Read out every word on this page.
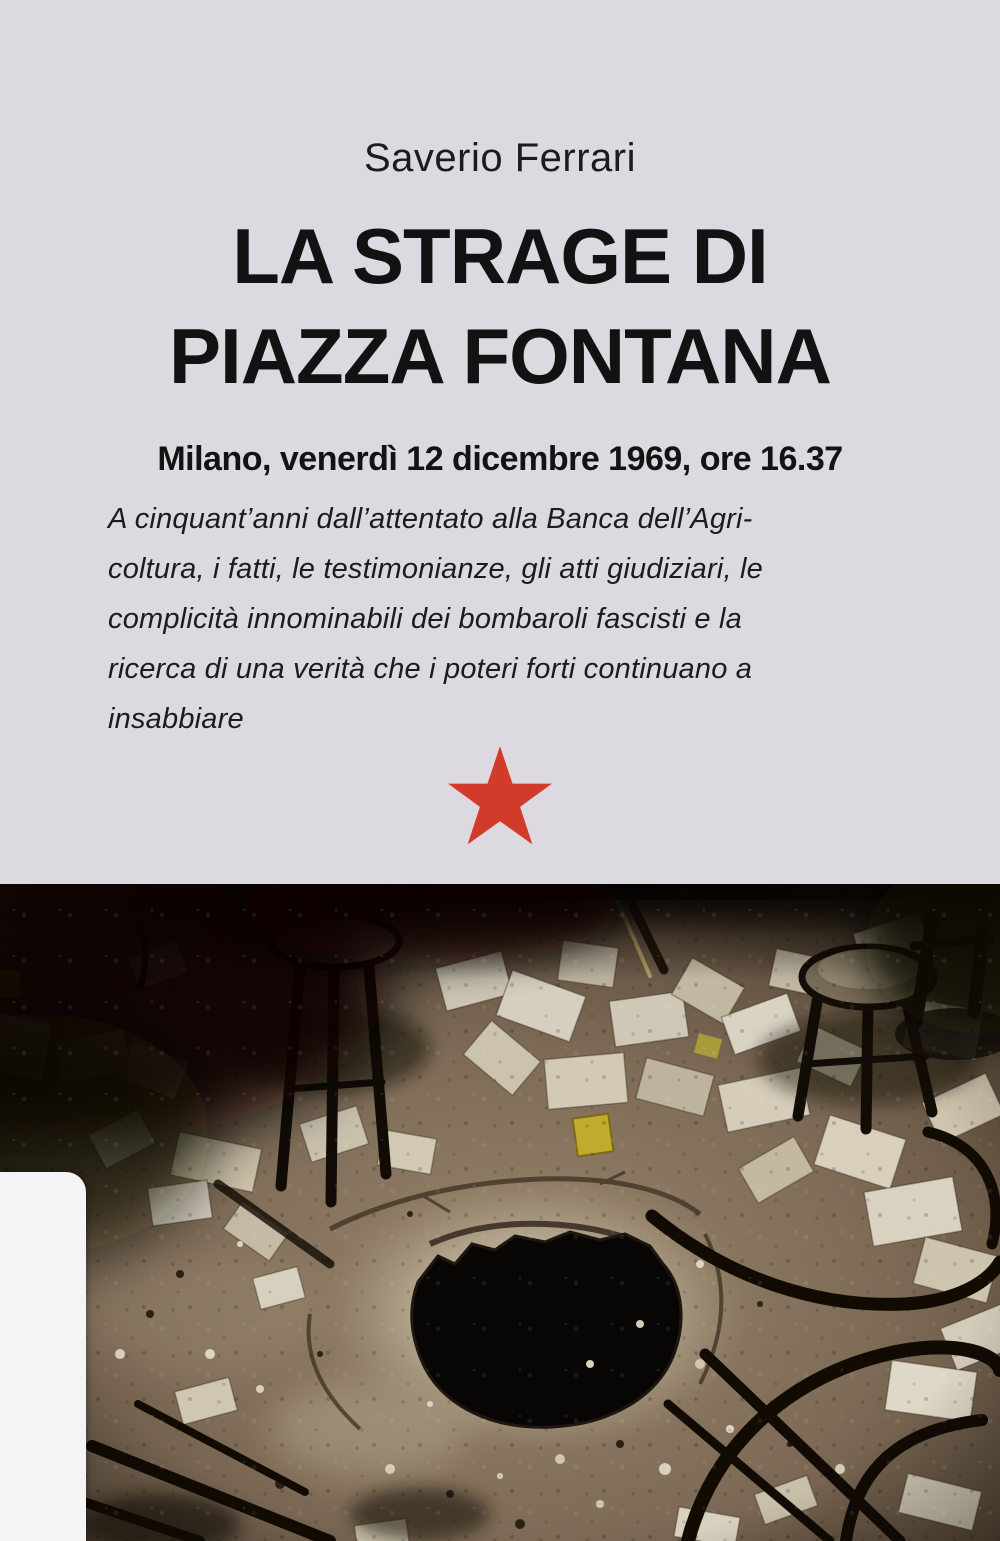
Saverio Ferrari
LA STRAGE DI
PIAZZA FONTANA
Milano, venerdì 12 dicembre 1969, ore 16.37
A cinquant’anni dall’attentato alla Banca dell’Agri-
coltura, i fatti, le testimonianze, gli atti giudiziari, le
complicità innominabili dei bombaroli fascisti e la
ricerca di una verità che i poteri forti continuano a
insabbiare
